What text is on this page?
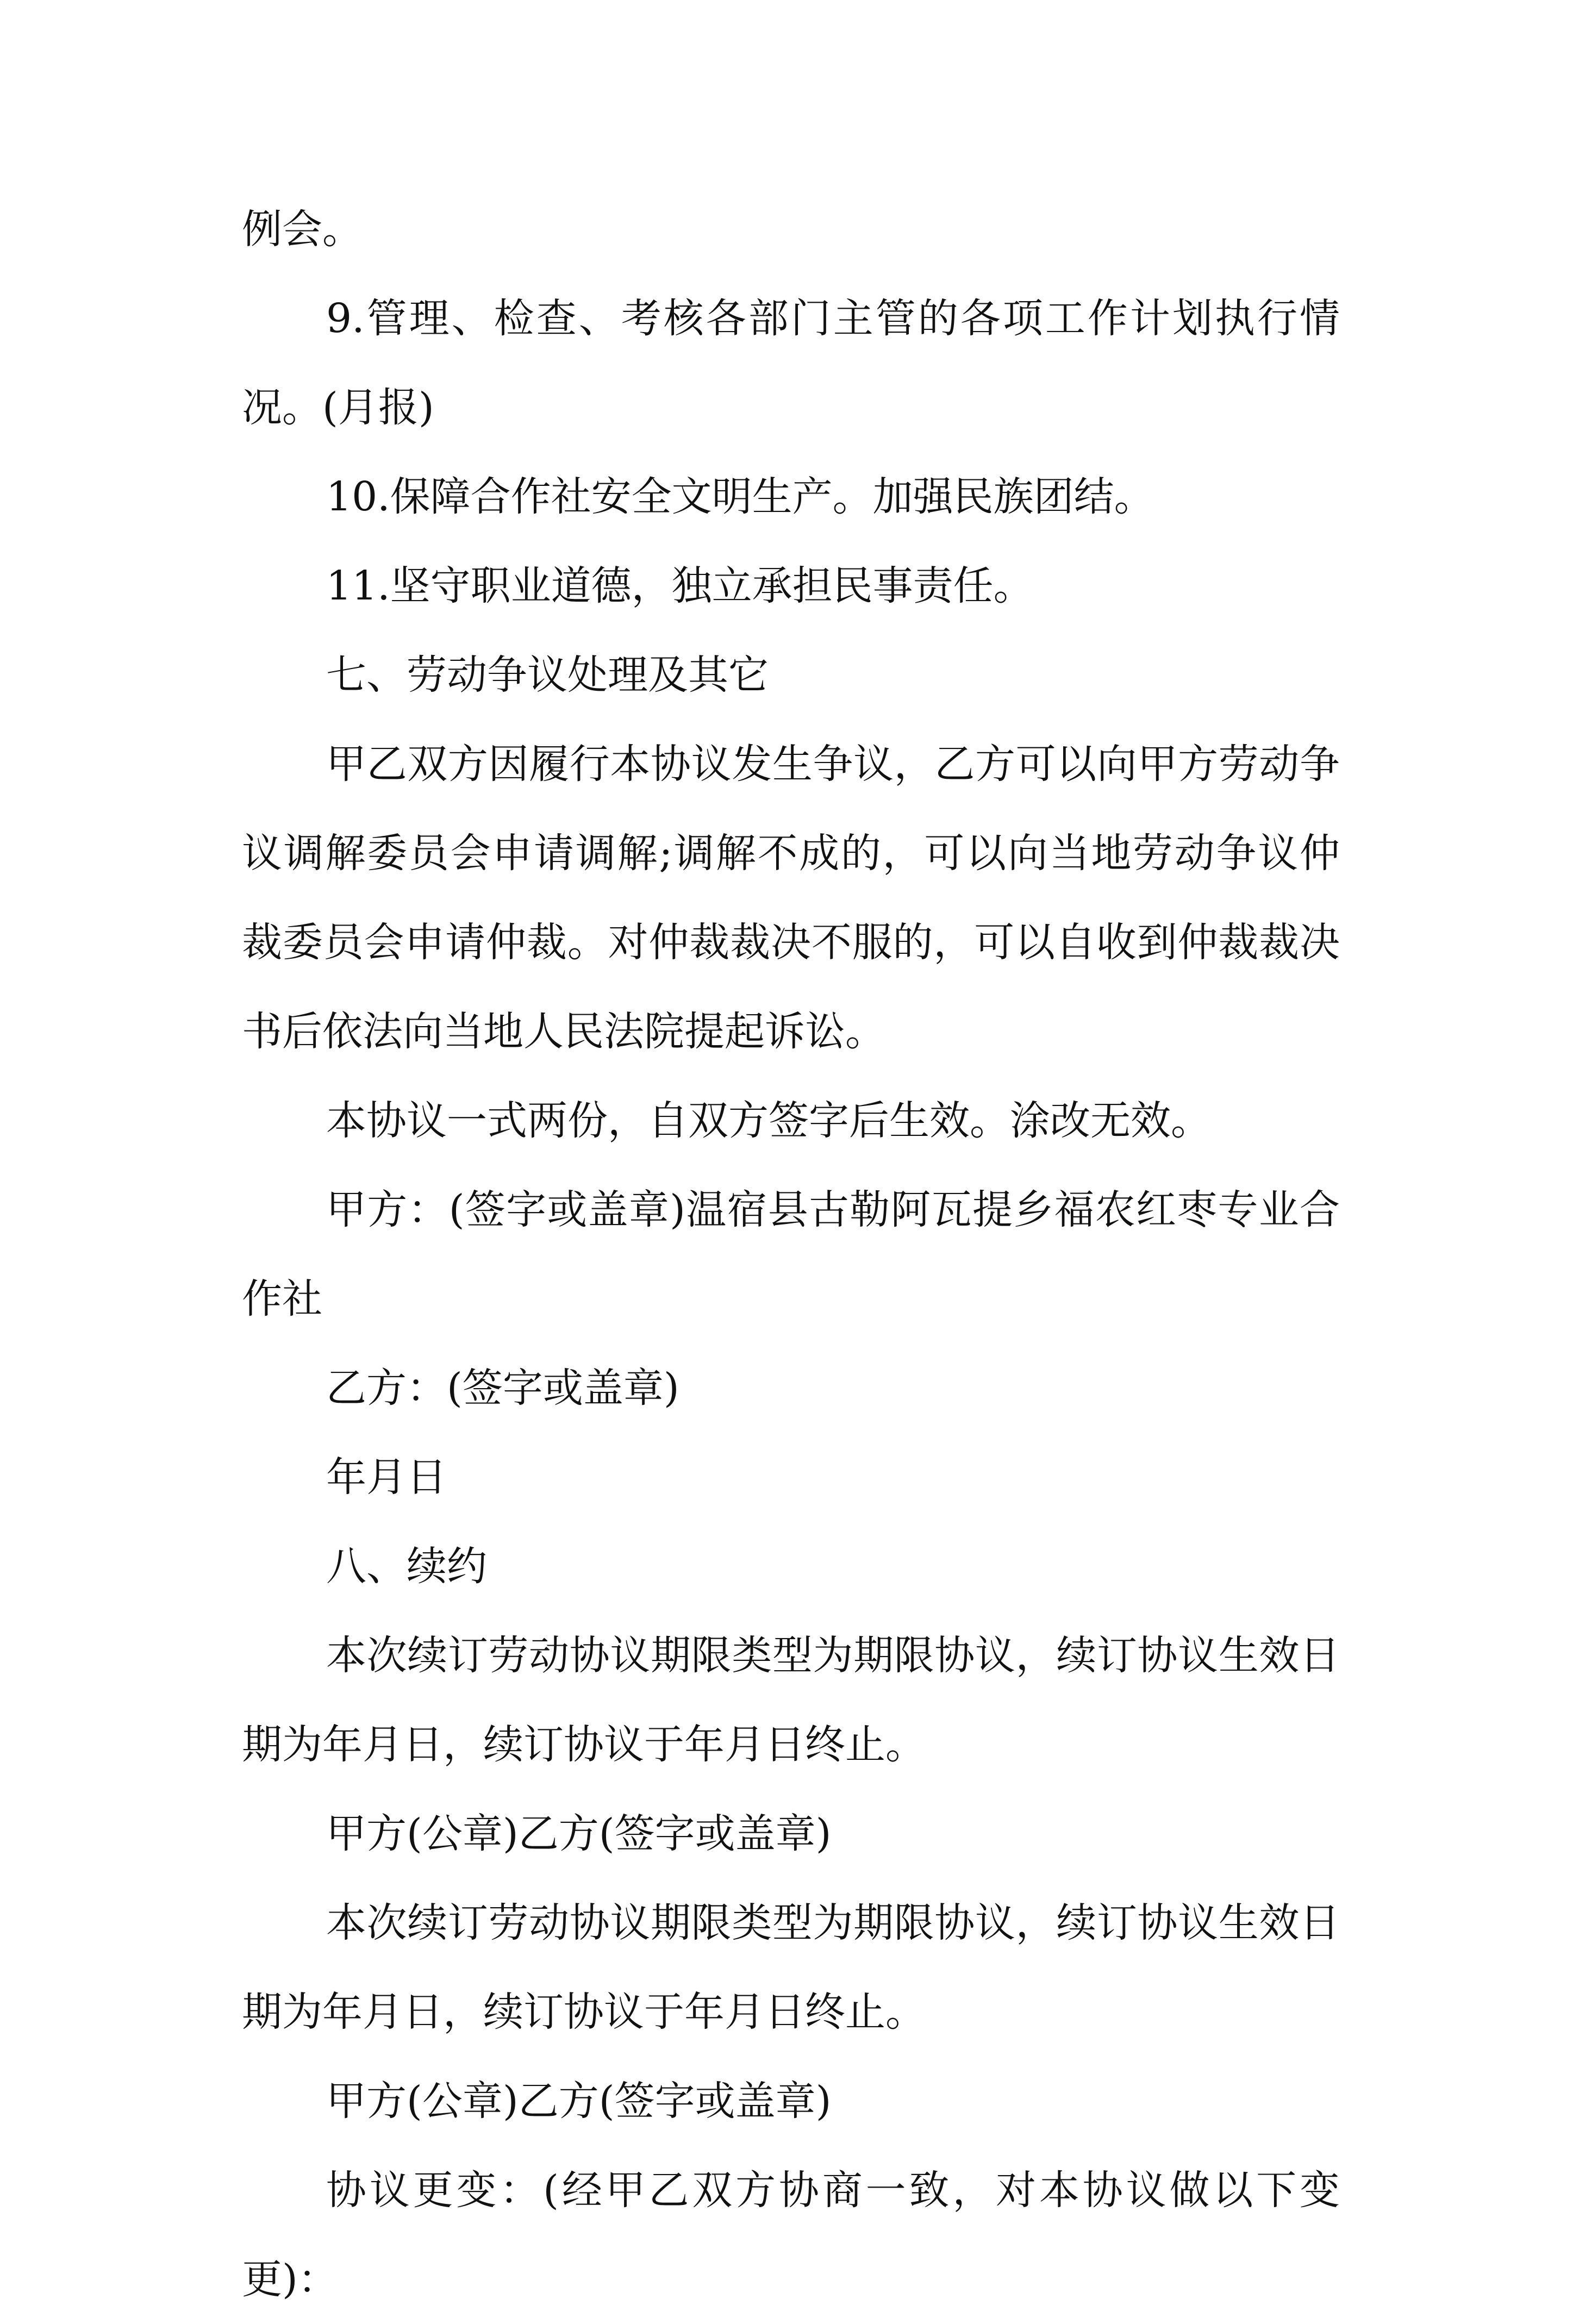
例会。

9.管理、检查、考核各部门主管的各项工作计划执行情况。(月报)

10.保障合作社安全文明生产。加强民族团结。

11.坚守职业道德，独立承担民事责任。

七、劳动争议处理及其它

甲乙双方因履行本协议发生争议，乙方可以向甲方劳动争议调解委员会申请调解;调解不成的，可以向当地劳动争议仲裁委员会申请仲裁。对仲裁裁决不服的，可以自收到仲裁裁决书后依法向当地人民法院提起诉讼。

本协议一式两份，自双方签字后生效。涂改无效。

甲方：(签字或盖章)温宿县古勒阿瓦提乡福农红枣专业合作社

乙方：(签字或盖章)

年月日

八、续约

本次续订劳动协议期限类型为期限协议，续订协议生效日期为年月日，续订协议于年月日终止。

甲方(公章)乙方(签字或盖章)

本次续订劳动协议期限类型为期限协议，续订协议生效日期为年月日，续订协议于年月日终止。

甲方(公章)乙方(签字或盖章)

协议更变：(经甲乙双方协商一致，对本协议做以下变更)：
